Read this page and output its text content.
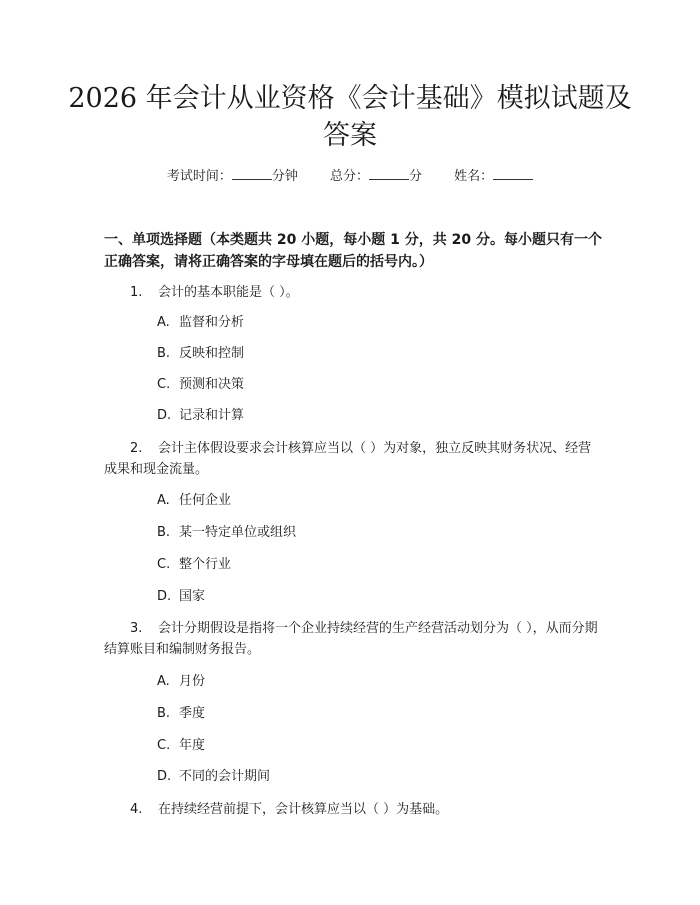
2026 年会计从业资格《会计基础》模拟试题及答案
考试时间：	分钟 总分：	分 姓名：
一、单项选择题（本类题共 20 小题，每小题 1 分，共 20 分。每小题只有一个正确答案，请将正确答案的字母填在题后的括号内。）
1. 会计的基本职能是（ ）。
A. 监督和分析
B. 反映和控制
C. 预测和决策
D. 记录和计算
2. 会计主体假设要求会计核算应当以（ ）为对象，独立反映其财务状况、经营成果和现金流量。
A. 任何企业
B. 某一特定单位或组织
C. 整个行业
D. 国家
3. 会计分期假设是指将一个企业持续经营的生产经营活动划分为（ ），从而分期结算账目和编制财务报告。
A. 月份
B. 季度
C. 年度
D. 不同的会计期间
4. 在持续经营前提下，会计核算应当以（ ）为基础。
